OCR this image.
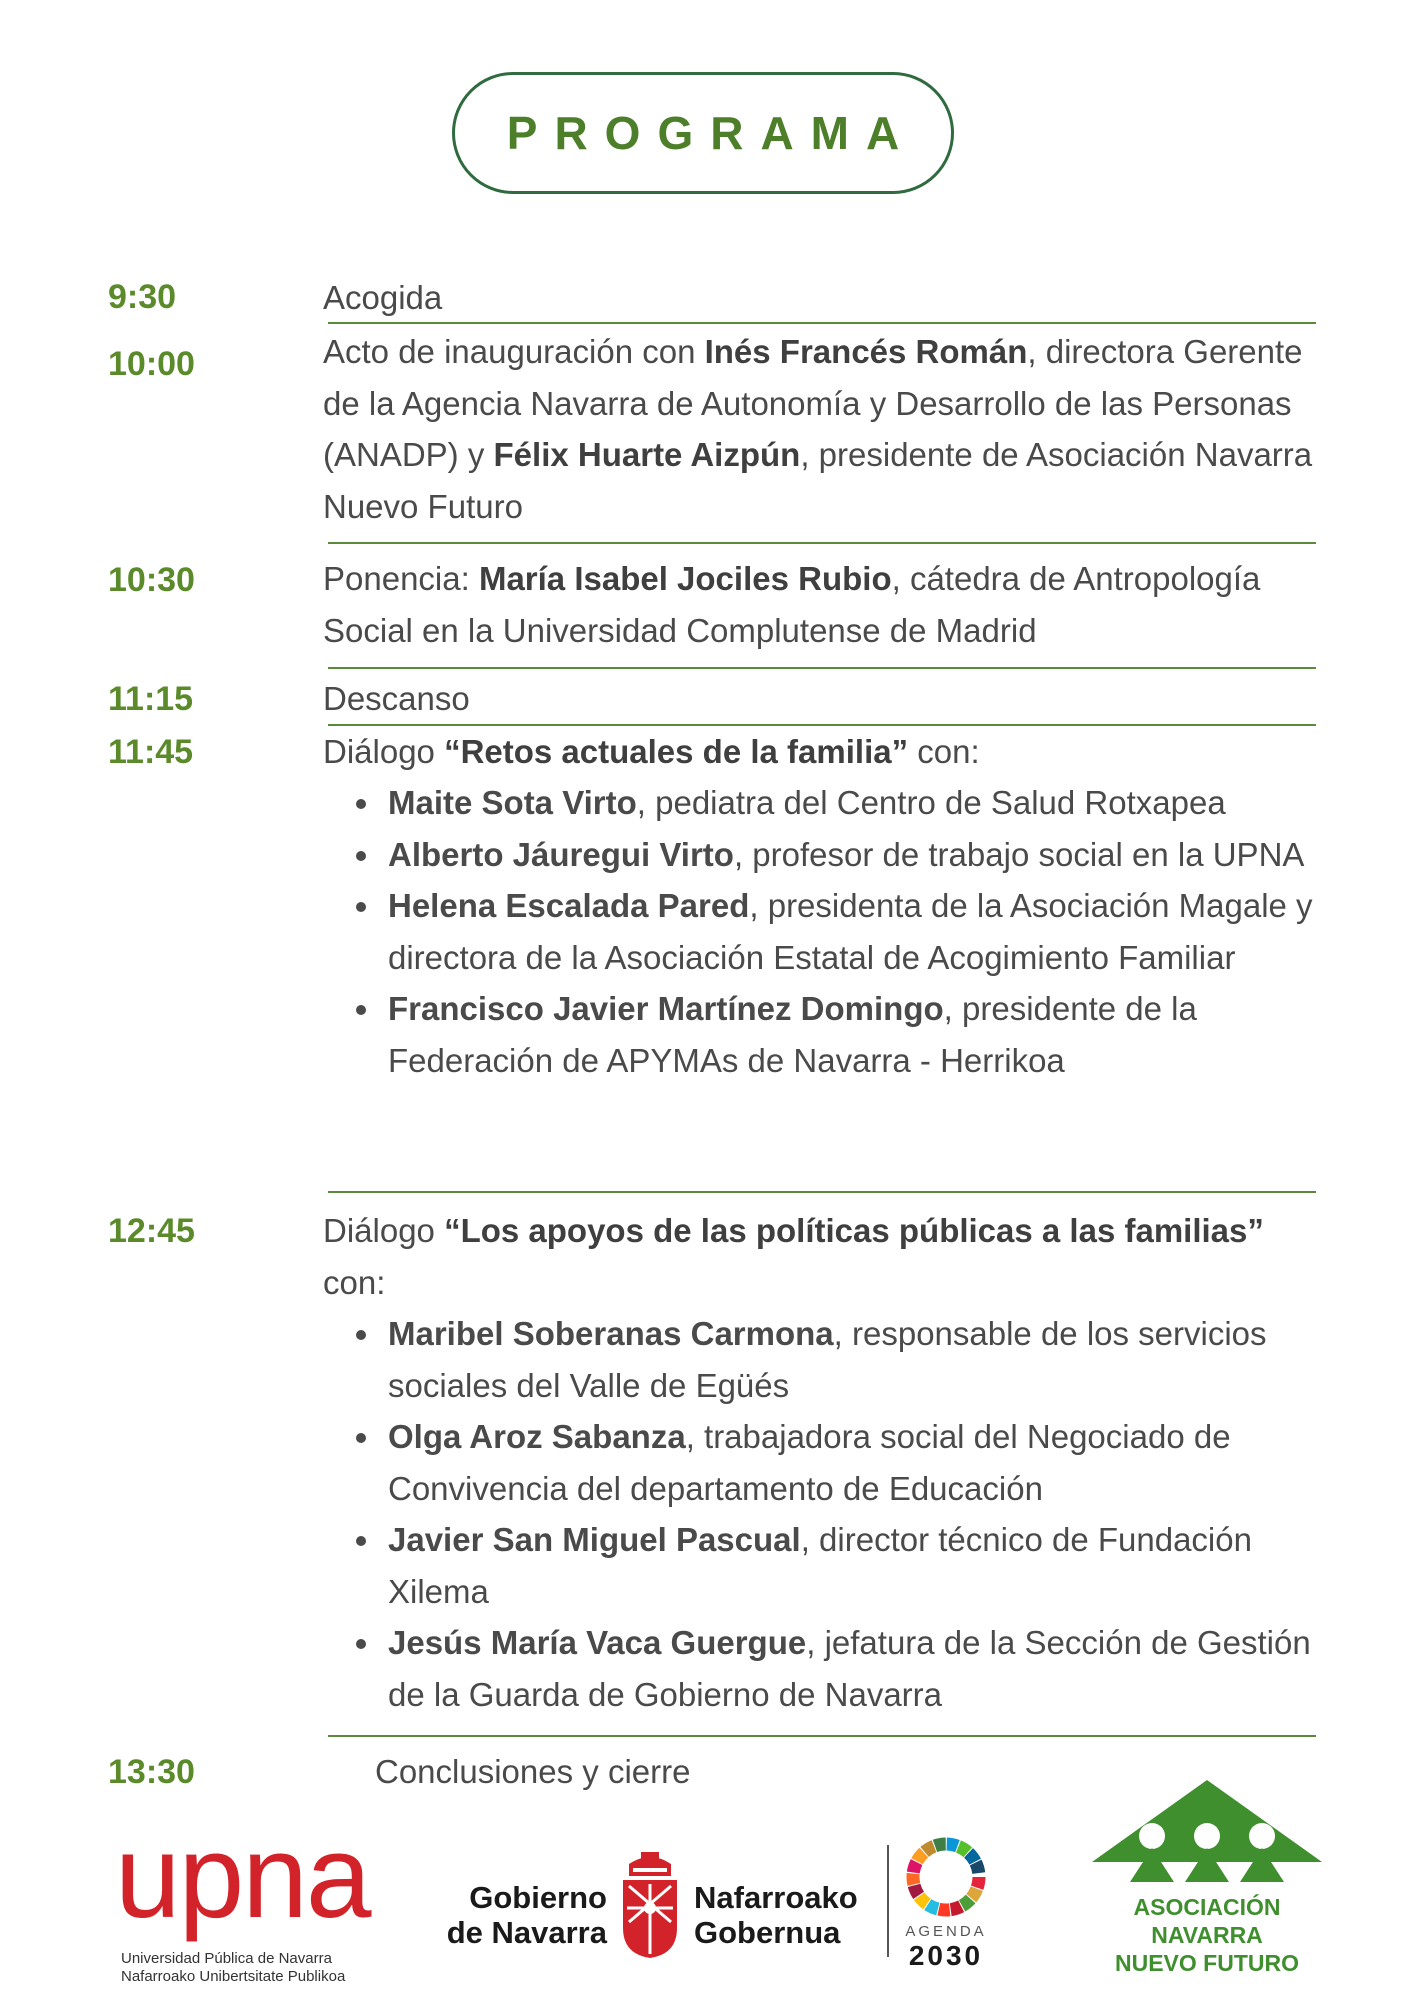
PROGRAMA
9:30	Acogida
10:00	Acto de inauguración con Inés Francés Román, directora Gerente de la Agencia Navarra de Autonomía y Desarrollo de las Personas (ANADP) y Félix Huarte Aizpún, presidente de Asociación Navarra Nuevo Futuro
10:30	Ponencia: María Isabel Jociles Rubio, cátedra de Antropología Social en la Universidad Complutense de Madrid
11:15	Descanso
11:45	Diálogo “Retos actuales de la familia” con:
Maite Sota Virto, pediatra del Centro de Salud Rotxapea
Alberto Jáuregui Virto, profesor de trabajo social en la UPNA
Helena Escalada Pared, presidenta de la Asociación Magale y directora de la Asociación Estatal de Acogimiento Familiar
Francisco Javier Martínez Domingo, presidente de la Federación de APYMAs de Navarra - Herrikoa
12:45	Diálogo “Los apoyos de las políticas públicas a las familias” con:
Maribel Soberanas Carmona, responsable de los servicios sociales del Valle de Egüés
Olga Aroz Sabanza, trabajadora social del Negociado de Convivencia del departamento de Educación
Javier San Miguel Pascual, director técnico de Fundación Xilema
Jesús María Vaca Guergue, jefatura de la Sección de Gestión de la Guarda de Gobierno de Navarra
13:30	Conclusiones y cierre
upna
Universidad Pública de Navarra
Nafarroako Unibertsitate Publikoa
Gobierno
de Navarra
Nafarroako
Gobernua	AGENDA
2030
ASOCIACIÓN NAVARRA
NUEVO FUTURO
